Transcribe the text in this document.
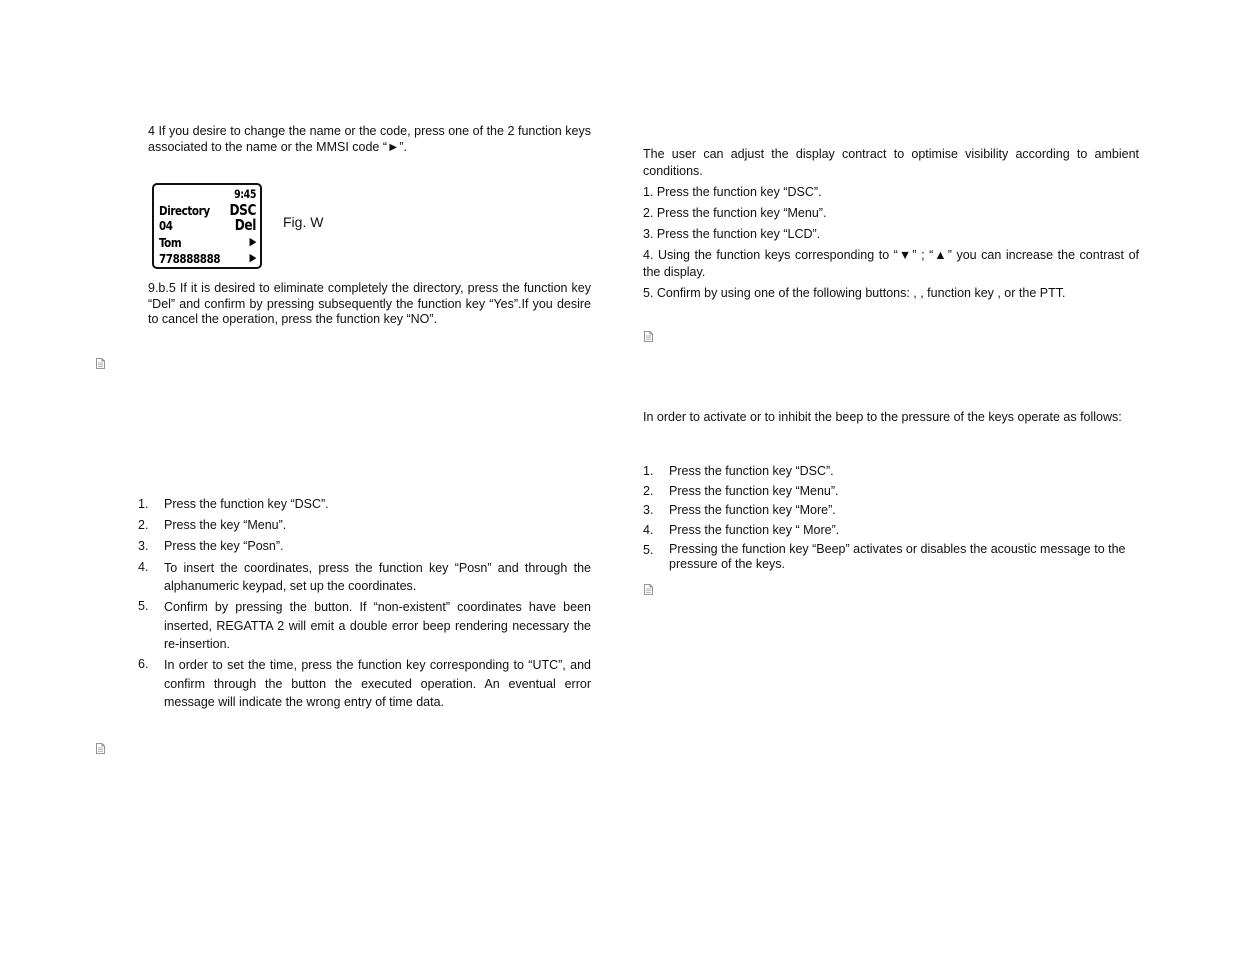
4 If you desire to change the name or the code, press one of the 2 function keys associated to the name or the MMSI code “►”.
9:45
Directory DSC
04	Del
Tom	▶
778888888	▶
Fig. W
9.b.5 If it is desired to eliminate completely the directory, press the function key “Del” and confirm by pressing subsequently the function key “Yes”.If you desire to cancel the operation, press the function key “NO”.
1. Press the function key “DSC”.
2. Press the key “Menu”.
3. Press the key “Posn”.
4. To insert the coordinates, press the function key “Posn” and through the alphanumeric keypad, set up the coordinates.
5. Confirm by pressing the button. If “non-existent” coordinates have been inserted, REGATTA 2 will emit a double error beep rendering necessary the re-insertion.
6. In order to set the time, press the function key corresponding to “UTC”, and confirm through the button the executed operation. An eventual error message will indicate the wrong entry of time data.
The user can adjust the display contract to optimise visibility according to ambient conditions.
1. Press the function key “DSC”.
2. Press the function key “Menu”.
3. Press the function key “LCD”.
4. Using the function keys corresponding to “▼” ; “▲” you can increase the contrast of the display.
5. Confirm by using one of the following buttons: , , function key , or the PTT.
In order to activate or to inhibit the beep to the pressure of the keys operate as follows:
1. Press the function key “DSC”.
2. Press the function key “Menu”.
3. Press the function key “More”.
4. Press the function key “ More”.
5. Pressing the function key “Beep” activates or disables the acoustic message to the pressure of the keys.
